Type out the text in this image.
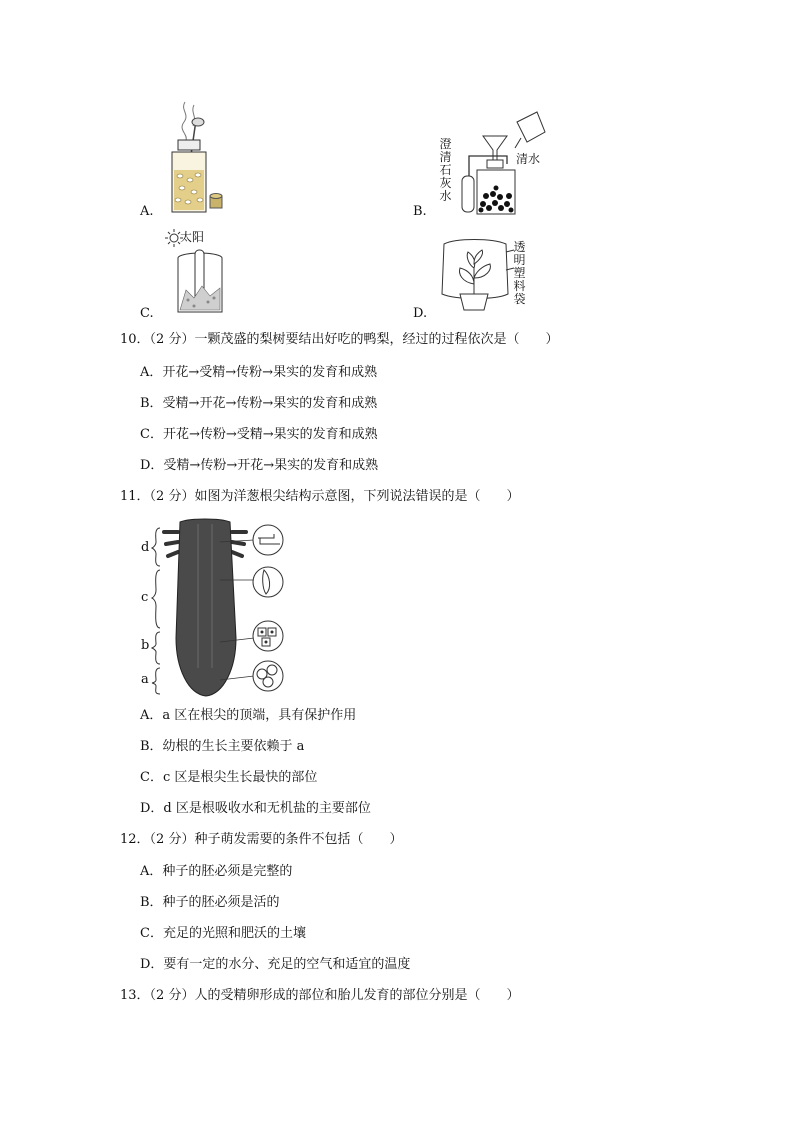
A.	B.
澄清石灰水
清水
C.
太阳
D.
透明塑料袋
10．（2 分）一颗茂盛的梨树要结出好吃的鸭梨，经过的过程依次是（　　）
A．开花→受精→传粉→果实的发育和成熟
B．受精→开花→传粉→果实的发育和成熟
C．开花→传粉→受精→果实的发育和成熟
D．受精→传粉→开花→果实的发育和成熟
11．（2 分）如图为洋葱根尖结构示意图，下列说法错误的是（　　）
d
c
b
a
A．a 区在根尖的顶端，具有保护作用
B．幼根的生长主要依赖于 a
C．c 区是根尖生长最快的部位
D．d 区是根吸收水和无机盐的主要部位
12．（2 分）种子萌发需要的条件不包括（　　）
A．种子的胚必须是完整的
B．种子的胚必须是活的
C．充足的光照和肥沃的土壤
D．要有一定的水分、充足的空气和适宜的温度
13．（2 分）人的受精卵形成的部位和胎儿发育的部位分别是（　　）
